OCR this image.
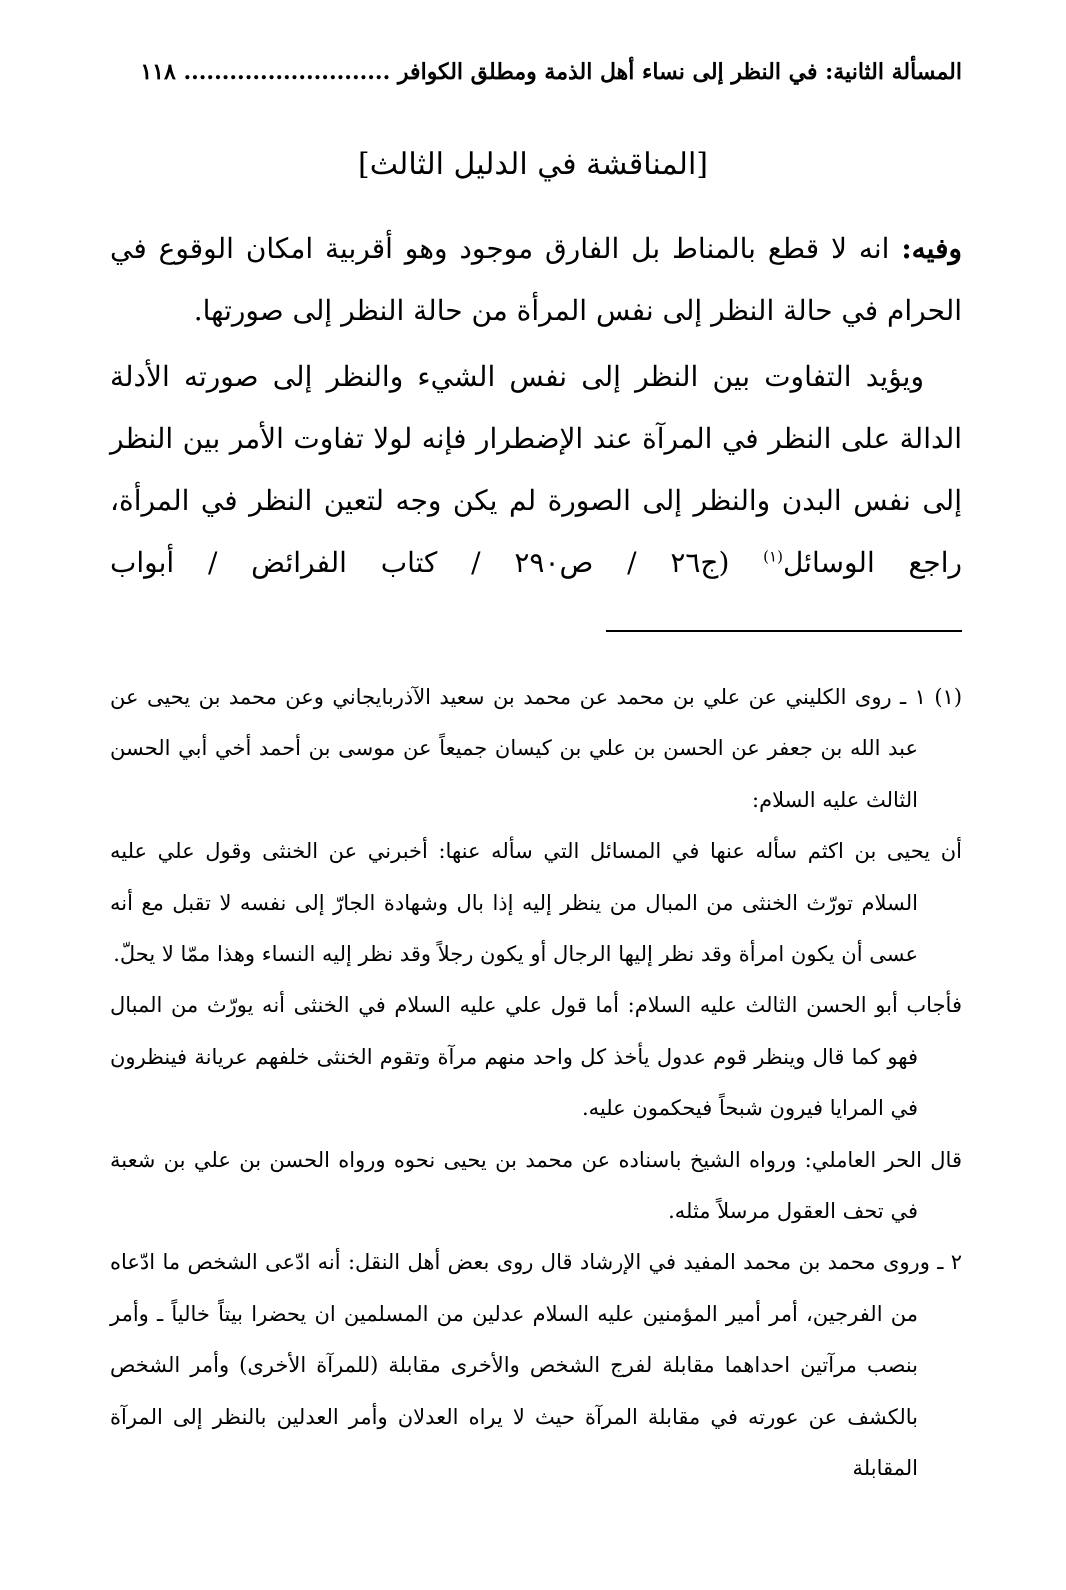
المسألة الثانية: في النظر إلى نساء أهل الذمة ومطلق الكوافر ........................... ١١٨
[المناقشة في الدليل الثالث]

وفيه: انه لا قطع بالمناط بل الفارق موجود وهو أقربية امكان الوقوع في الحرام في حالة النظر إلى نفس المرأة من حالة النظر إلى صورتها.

ويؤيد التفاوت بين النظر إلى نفس الشيء والنظر إلى صورته الأدلة الدالة على النظر في المرآة عند الإضطرار فإنه لولا تفاوت الأمر بين النظر إلى نفس البدن والنظر إلى الصورة لم يكن وجه لتعين النظر في المرأة، راجع الوسائل$^{(١)}$ (ج٢٦ / ص٢٩٠ / كتاب الفرائض / أبواب

(١) ١ ـ روى الكليني عن علي بن محمد عن محمد بن سعيد الآذربايجاني وعن محمد بن يحيى عن عبد الله بن جعفر عن الحسن بن علي بن كيسان جميعاً عن موسى بن أحمد أخي أبي الحسن الثالث عليه السلام:

أن يحيى بن اكثم سأله عنها في المسائل التي سأله عنها: أخبرني عن الخنثى وقول علي عليه السلام تورّث الخنثى من المبال من ينظر إليه إذا بال وشهادة الجارّ إلى نفسه لا تقبل مع أنه عسى أن يكون امرأة وقد نظر إليها الرجال أو يكون رجلاً وقد نظر إليه النساء وهذا ممّا لا يحلّ.

فأجاب أبو الحسن الثالث عليه السلام: أما قول علي عليه السلام في الخنثى أنه يورّث من المبال فهو كما قال وينظر قوم عدول يأخذ كل واحد منهم مرآة وتقوم الخنثى خلفهم عريانة فينظرون في المرايا فيرون شبحاً فيحكمون عليه.

قال الحر العاملي: ورواه الشيخ باسناده عن محمد بن يحيى نحوه ورواه الحسن بن علي بن شعبة في تحف العقول مرسلاً مثله.

٢ ـ وروى محمد بن محمد المفيد في الإرشاد قال روى بعض أهل النقل: أنه ادّعى الشخص ما ادّعاه من الفرجين، أمر أمير المؤمنين عليه السلام عدلين من المسلمين ان يحضرا بيتاً خالياً ـ وأمر بنصب مرآتين احداهما مقابلة لفرج الشخص والأخرى مقابلة (للمرآة الأخرى) وأمر الشخص بالكشف عن عورته في مقابلة المرآة حيث لا يراه العدلان وأمر العدلين بالنظر إلى المرآة المقابلة
